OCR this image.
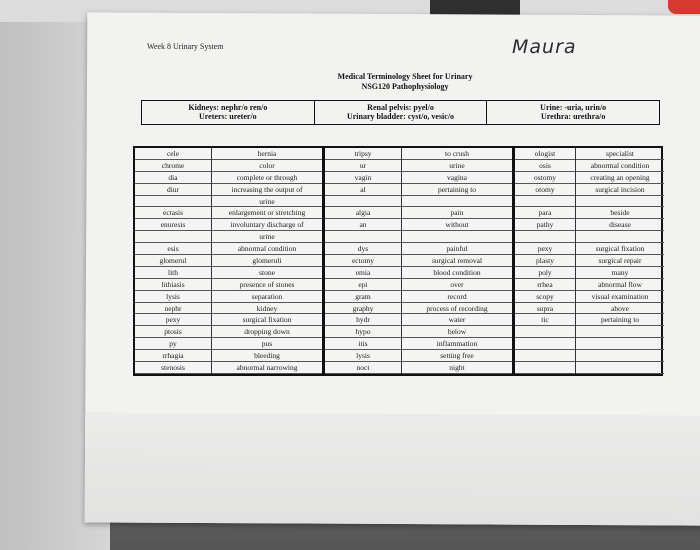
Week 8 Urinary System	Maura
Medical Terminology Sheet for Urinary
NSG120 Pathophysiology
Kidneys: nephr/o ren/o
Ureters: ureter/o
Renal pelvis: pyel/o
Urinary bladder: cyst/o, vesic/o
Urine: -uria, urin/o
Urethra: urethra/o
cele
chrome
dia
diur
ectasis
enuresis
esis
glomerul
lith
lithiasis
lysis
nephr
pexy
ptosis
py
rrhagia
stenosis
hernia
color
complete or through
increasing the output of
urine
enlargement or stretching
involuntary discharge of
urine
abnormal condition
glomeruli
stone
presence of stones
separation
kidney
surgical fixation
dropping down
pus
bleeding
abnormal narrowing
tripsy
ur
vagin
al
algia
an
dys
ectomy
emia
epi
gram
graphy
hydr
hypo
itis
lysis
noct
to crush
urine
vagina
pertaining to
pain
without
painful
surgical removal
blood condition
over
record
process of recording
water
below
inflammation
setting free
night
ologist
osis
ostomy
otomy
para
pathy
pexy
plasty
poly
rrhea
scopy
supra
tic
specialist
abnormal condition
creating an opening
surgical incision
beside
disease
surgical fixation
surgical repair
many
abnormal flow
visual examination
above
pertaining to
